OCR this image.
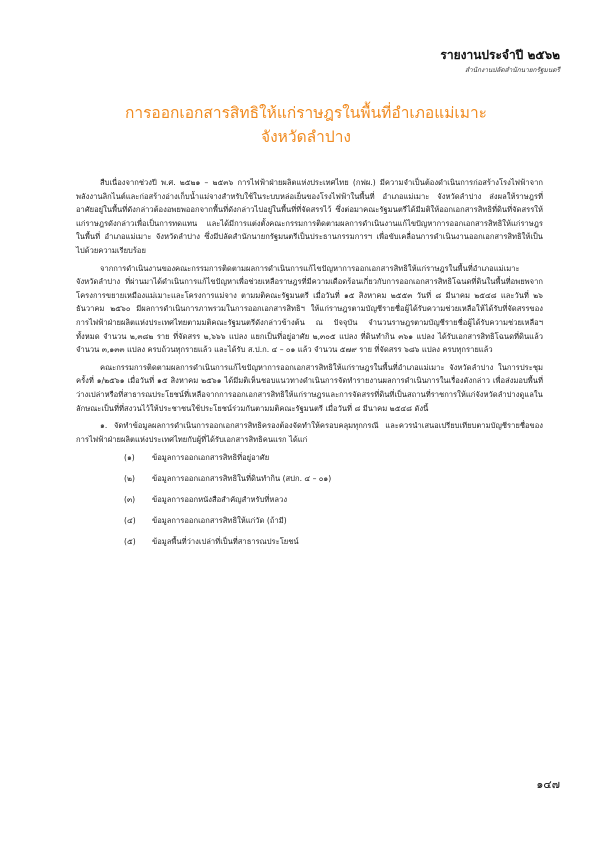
รายงานประจำปี ๒๕๖๒
สำนักงานปลัดสำนักนายกรัฐมนตรี
การออกเอกสารสิทธิให้แก่ราษฎรในพื้นที่อำเภอแม่เมาะ
จังหวัดลำปาง

สืบเนื่องจากช่วงปี พ.ศ. ๒๕๒๑ – ๒๕๓๖ การไฟฟ้าฝ่ายผลิตแห่งประเทศไทย (กฟผ.) มีความจำเป็นต้องดำเนินการก่อสร้างโรงไฟฟ้าจากพลังงานลิกไนต์และก่อสร้างอ่างเก็บน้ำแม่จางสำหรับใช้ในระบบหล่อเย็นของโรงไฟฟ้าในพื้นที่ อำเภอแม่เมาะ จังหวัดลำปาง ส่งผลให้ราษฎรที่อาศัยอยู่ในพื้นที่ดังกล่าวต้องอพยพออกจากพื้นที่ดังกล่าวไปอยู่ในพื้นที่ที่จัดสรรไว้ ซึ่งต่อมาคณะรัฐมนตรีได้มีมติให้ออกเอกสารสิทธิที่ดินที่จัดสรรให้แก่ราษฎรดังกล่าวเพื่อเป็นการทดแทน และได้มีการแต่งตั้งคณะกรรมการติดตามผลการดำเนินงานแก้ไขปัญหาการออกเอกสารสิทธิให้แก่ราษฎรในพื้นที่ อำเภอแม่เมาะ จังหวัดลำปาง ซึ่งมีปลัดสำนักนายกรัฐมนตรีเป็นประธานกรรมการฯ เพื่อขับเคลื่อนการดำเนินงานออกเอกสารสิทธิให้เป็นไปด้วยความเรียบร้อย

จากการดำเนินงานของคณะกรรมการติดตามผลการดำเนินการแก้ไขปัญหาการออกเอกสารสิทธิให้แก่ราษฎรในพื้นที่อำเภอแม่เมาะ จังหวัดลำปาง ที่ผ่านมาได้ดำเนินการแก้ไขปัญหาเพื่อช่วยเหลือราษฎรที่มีความเดือดร้อนเกี่ยวกับการออกเอกสารสิทธิโฉนดที่ดินในพื้นที่อพยพจากโครงการขยายเหมืองแม่เมาะและโครงการแม่จาง ตามมติคณะรัฐมนตรี เมื่อวันที่ ๑๕ สิงหาคม ๒๕๕๓ วันที่ ๘ มีนาคม ๒๕๔๘ และวันที่ ๒๖ ธันวาคม ๒๕๖๐ มีผลการดำเนินการภาพรวมในการออกเอกสารสิทธิฯ ให้แก่ราษฎรตามบัญชีรายชื่อผู้ได้รับความช่วยเหลือให้ได้รับที่จัดสรรของการไฟฟ้าฝ่ายผลิตแห่งประเทศไทยตามมติคณะรัฐมนตรีดังกล่าวข้างต้น ณ ปัจจุบัน จำนวนราษฎรตามบัญชีรายชื่อผู้ได้รับความช่วยเหลือฯ ทั้งหมด จำนวน ๒,๓๘๒ ราย ที่จัดสรร ๒,๖๖๖ แปลง แยกเป็นที่อยู่อาศัย ๒,๓๐๕ แปลง ที่ดินทำกิน ๓๖๑ แปลง ได้รับเอกสารสิทธิโฉนดที่ดินแล้ว จำนวน ๓,๑๓๓ แปลง ครบถ้วนทุกรายแล้ว และได้รับ ส.ป.ก. ๔ – ๐๑ แล้ว จำนวน ๕๗๙ ราย ที่จัดสรร ๖๘๖ แปลง ครบทุกรายแล้ว

คณะกรรมการติดตามผลการดำเนินการแก้ไขปัญหาการออกเอกสารสิทธิให้แก่ราษฎรในพื้นที่อำเภอแม่เมาะ จังหวัดลำปาง ในการประชุม ครั้งที่ ๑/๒๕๖๑ เมื่อวันที่ ๑๕ สิงหาคม ๒๕๖๑ ได้มีมติเห็นชอบแนวทางดำเนินการจัดทำรายงานผลการดำเนินการในเรื่องดังกล่าว เพื่อส่งมอบพื้นที่ว่างเปล่าหรือที่สาธารณประโยชน์ที่เหลือจากการออกเอกสารสิทธิให้แก่ราษฎรและการจัดสรรที่ดินที่เป็นสถานที่ราชการให้แก่จังหวัดลำปางดูแลในลักษณะเป็นที่ที่สงวนไว้ให้ประชาชนใช้ประโยชน์ร่วมกันตามมติคณะรัฐมนตรี เมื่อวันที่ ๘ มีนาคม ๒๕๔๘ ดังนี้

๑. จัดทำข้อมูลผลการดำเนินการออกเอกสารสิทธิครองต้องจัดทำให้ครอบคลุมทุกกรณี และควรนำเสนอเปรียบเทียบตามบัญชีรายชื่อของการไฟฟ้าฝ่ายผลิตแห่งประเทศไทยกับผู้ที่ได้รับเอกสารสิทธิคนแรก ได้แก่

(๑) ข้อมูลการออกเอกสารสิทธิที่อยู่อาศัย
(๒) ข้อมูลการออกเอกสารสิทธิในที่ดินทำกิน (สปก. ๔ – ๐๑)
(๓) ข้อมูลการออกหนังสือสำคัญสำหรับที่หลวง
(๔) ข้อมูลการออกเอกสารสิทธิให้แก่วัด (ถ้ามี)
(๕) ข้อมูลพื้นที่ว่างเปล่าที่เป็นที่สาธารณประโยชน์
๑๔๗
